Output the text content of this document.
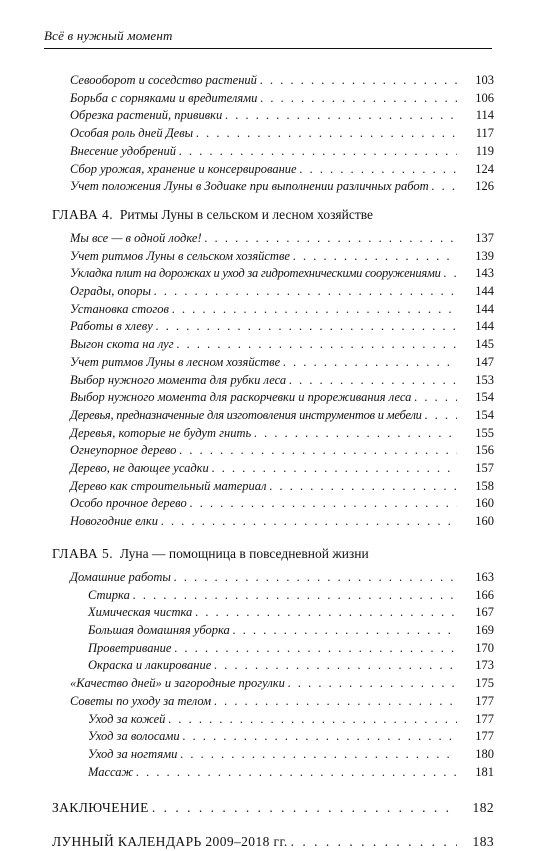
Всё в нужный момент
Севооборот и соседство растений . . .	103
Борьба с сорняками и вредителями . . .	106
Обрезка растений, прививки . . .	114
Особая роль дней Девы . . .	117
Внесение удобрений . . .	119
Сбор урожая, хранение и консервирование . . .	124
Учет положения Луны в Зодиаке при выполнении различных работ . . .	126
ГЛАВА 4. Ритмы Луны в сельском и лесном хозяйстве
Мы все — в одной лодке! . . .	137
Учет ритмов Луны в сельском хозяйстве . . .	139
Укладка плит на дорожках и уход за гидротехническими сооружениями . . .	143
Ограды, опоры . . .	144
Установка стогов . . .	144
Работы в хлеву . . .	144
Выгон скота на луг . . .	145
Учет ритмов Луны в лесном хозяйстве . . .	147
Выбор нужного момента для рубки леса . . .	153
Выбор нужного момента для раскорчевки и прореживания леса . . .	154
Деревья, предназначенные для изготовления инструментов и мебели . . .	154
Деревья, которые не будут гнить . . .	155
Огнеупорное дерево . . .	156
Дерево, не дающее усадки . . .	157
Дерево как строительный материал . . .	158
Особо прочное дерево . . .	160
Новогодние елки . . .	160
ГЛАВА 5. Луна — помощница в повседневной жизни
Домашние работы . . .	163
Стирка . . .	166
Химическая чистка . . .	167
Большая домашняя уборка . . .	169
Проветривание . . .	170
Окраска и лакирование . . .	173
«Качество дней» и загородные прогулки . . .	175
Советы по уходу за телом . . .	177
Уход за кожей . . .	177
Уход за волосами . . .	177
Уход за ногтями . . .	180
Массаж . . .	181
ЗАКЛЮЧЕНИЕ . . .	182
ЛУННЫЙ КАЛЕНДАРЬ 2009–2018 гг. . . .	183
